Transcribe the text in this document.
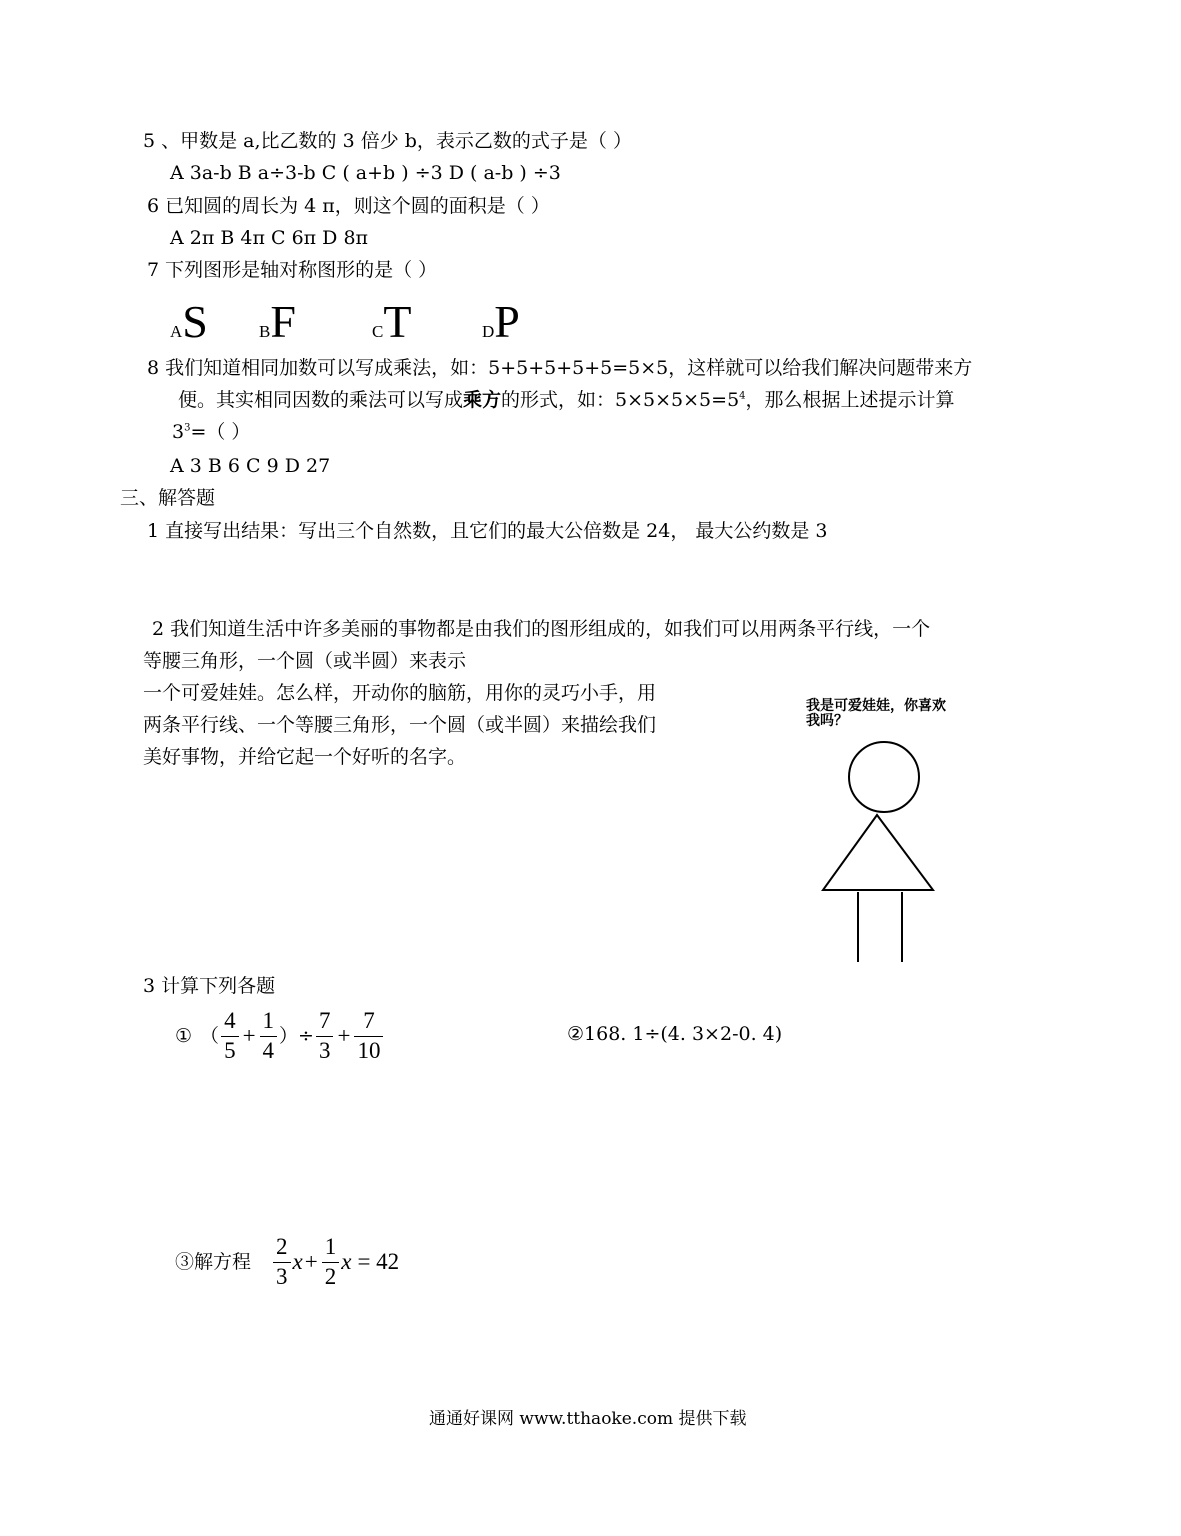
5 、甲数是 a,比乙数的 3 倍少 b，表示乙数的式子是（ ）
A 3a-b B a÷3-b C ( a+b ) ÷3 D ( a-b ) ÷3
6 已知圆的周长为 4 π，则这个圆的面积是（ ）
A 2π B 4π C 6π D 8π
7 下列图形是轴对称图形的是（ ）
AS	BF	CT	DP
8 我们知道相同加数可以写成乘法，如：5+5+5+5+5=5×5，这样就可以给我们解决问题带来方
便。其实相同因数的乘法可以写成乘方的形式，如：$5\times 5\times 5\times 5=5^4$，那么根据上述提示计算
$3^3=$（ ）
A 3 B 6 C 9 D 27
三、解答题
1 直接写出结果：写出三个自然数，且它们的最大公倍数是 24， 最大公约数是 3
2 我们知道生活中许多美丽的事物都是由我们的图形组成的，如我们可以用两条平行线，一个
等腰三角形，一个圆（或半圆）来表示
一个可爱娃娃。怎么样，开动你的脑筋，用你的灵巧小手，用
两条平行线、一个等腰三角形，一个圆（或半圆）来描绘我们
美好事物，并给它起一个好听的名字。
我是可爱娃娃，你喜欢
我吗？
3 计算下列各题
① （ $\frac{4}{5} + \frac{1}{4}$ ）÷ $\frac{7}{3} + \frac{7}{10}$	②168. 1÷(4. 3×2-0. 4)
③解方程 $\frac{2}{3}$ $x + \frac{1}{2}$ x = 42
通通好课网 www.tthaoke.com 提供下载
